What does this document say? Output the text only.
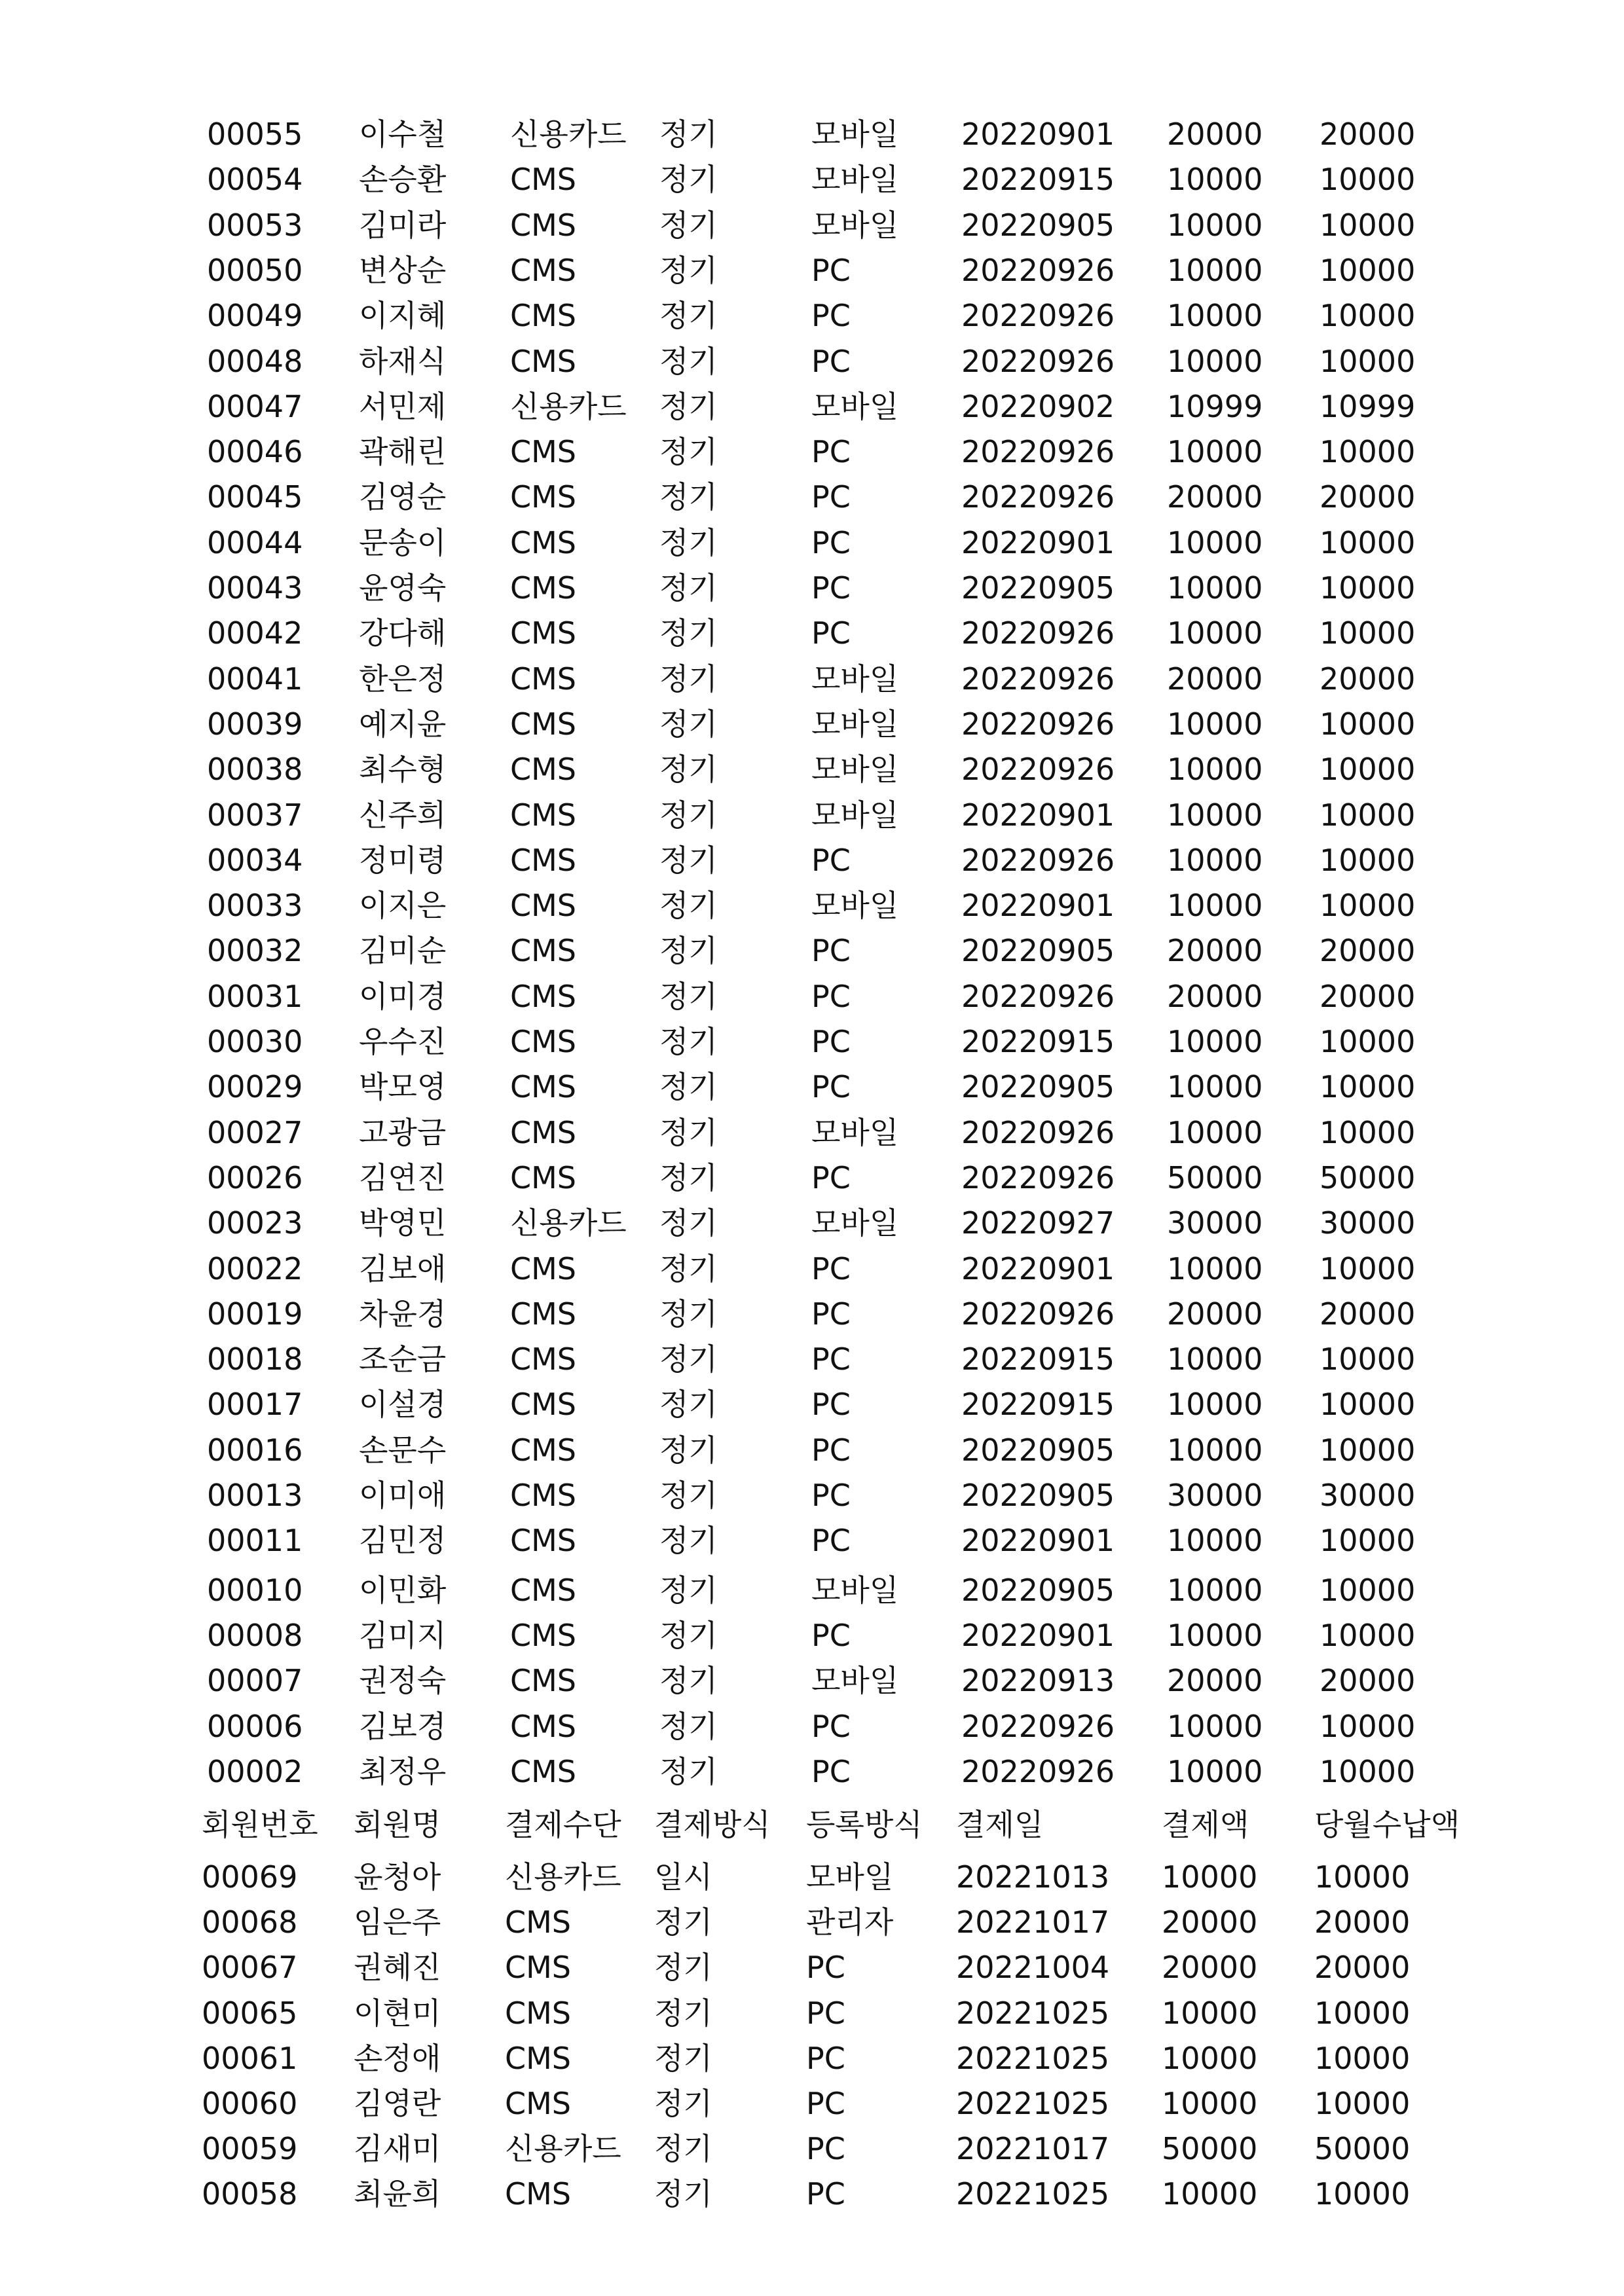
00055 이수철 신용카드 정기	모바일 20220901 20000 20000
00054 손승환 CMS	정기	모바일 20220915 10000 10000
00053 김미라 CMS	정기	모바일 20220905 10000 10000
00050 변상순 CMS	정기	PC	20220926 10000 10000
00049 이지혜 CMS	정기	PC	20220926 10000 10000
00048 하재식 CMS	정기	PC	20220926 10000 10000
00047 서민제 신용카드 정기	모바일 20220902 10999 10999
00046 곽해린 CMS	정기	PC	20220926 10000 10000
00045 김영순 CMS	정기	PC	20220926 20000 20000
00044 문송이 CMS	정기	PC	20220901 10000 10000
00043 윤영숙 CMS	정기	PC	20220905 10000 10000
00042 강다해 CMS	정기	PC	20220926 10000 10000
00041 한은정 CMS	정기	모바일 20220926 20000 20000
00039 예지윤 CMS	정기	모바일 20220926 10000 10000
00038 최수형 CMS	정기	모바일 20220926 10000 10000
00037 신주희 CMS	정기	모바일 20220901 10000 10000
00034 정미령 CMS	정기	PC	20220926 10000 10000
00033 이지은 CMS	정기	모바일 20220901 10000 10000
00032 김미순 CMS	정기	PC	20220905 20000 20000
00031 이미경 CMS	정기	PC	20220926 20000 20000
00030 우수진 CMS	정기	PC	20220915 10000 10000
00029 박모영 CMS	정기	PC	20220905 10000 10000
00027 고광금 CMS	정기	모바일 20220926 10000 10000
00026 김연진 CMS	정기	PC	20220926 50000 50000
00023 박영민 신용카드 정기	모바일 20220927 30000 30000
00022 김보애 CMS	정기	PC	20220901 10000 10000
00019 차윤경 CMS	정기	PC	20220926 20000 20000
00018 조순금 CMS	정기	PC	20220915 10000 10000
00017 이설경 CMS	정기	PC	20220915 10000 10000
00016 손문수 CMS	정기	PC	20220905 10000 10000
00013 이미애 CMS	정기	PC	20220905 30000 30000
00011 김민정 CMS	정기	PC	20220901 10000 10000
00010 이민화 CMS	정기	모바일 20220905 10000 10000
00008 김미지 CMS	정기	PC	20220901 10000 10000
00007 권정숙 CMS	정기	모바일 20220913 20000 20000
00006 김보경 CMS	정기	PC	20220926 10000 10000
00002 최정우 CMS	정기	PC	20220926 10000 10000
회원번호 회원명 결제수단 결제방식 등록방식 결제일	결제액 당월수납액
00069 윤청아 신용카드 일시	모바일 20221013 10000 10000
00068 임은주 CMS	정기	관리자 20221017 20000 20000
00067 권혜진 CMS	정기	PC	20221004 20000 20000
00065 이현미 CMS	정기	PC	20221025 10000 10000
00061 손정애 CMS	정기	PC	20221025 10000 10000
00060 김영란 CMS	정기	PC	20221025 10000 10000
00059 김새미 신용카드 정기	PC	20221017 50000 50000
00058 최윤희 CMS	정기	PC	20221025 10000 10000
